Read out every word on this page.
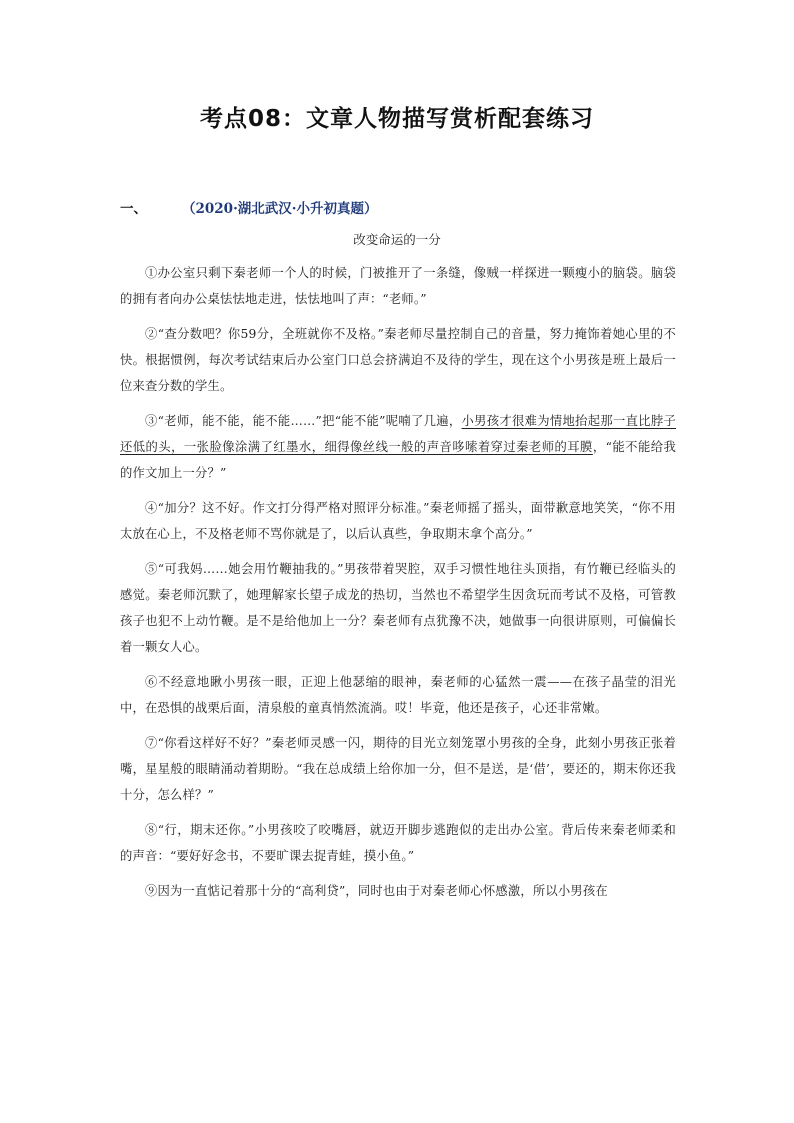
考点08：文章人物描写赏析配套练习
一、	（2020·湖北武汉·小升初真题）
改变命运的一分

①办公室只剩下秦老师一个人的时候，门被推开了一条缝，像贼一样探进一颗瘦小的脑袋。脑袋的拥有者向办公桌怯怯地走进，怯怯地叫了声：“老师。”

②“查分数吧？你59分，全班就你不及格。”秦老师尽量控制自己的音量，努力掩饰着她心里的不快。根据惯例，每次考试结束后办公室门口总会挤满迫不及待的学生，现在这个小男孩是班上最后一位来查分数的学生。

③“老师，能不能，能不能……”把“能不能”呢喃了几遍，小男孩才很难为情地抬起那一直比脖子还低的头，一张脸像涂满了红墨水，细得像丝线一般的声音哆嗦着穿过秦老师的耳膜，“能不能给我的作文加上一分？”

④“加分？这不好。作文打分得严格对照评分标准。”秦老师摇了摇头，面带歉意地笑笑，“你不用太放在心上，不及格老师不骂你就是了，以后认真些，争取期末拿个高分。”

⑤“可我妈……她会用竹鞭抽我的。”男孩带着哭腔，双手习惯性地往头顶指，有竹鞭已经临头的感觉。秦老师沉默了，她理解家长望子成龙的热切，当然也不希望学生因贪玩而考试不及格，可管教孩子也犯不上动竹鞭。是不是给他加上一分？秦老师有点犹豫不决，她做事一向很讲原则，可偏偏长着一颗女人心。

⑥不经意地瞅小男孩一眼，正迎上他瑟缩的眼神，秦老师的心猛然一震——在孩子晶莹的泪光中，在恐惧的战栗后面，清泉般的童真悄然流淌。哎！毕竟，他还是孩子，心还非常嫩。

⑦“你看这样好不好？”秦老师灵感一闪，期待的目光立刻笼罩小男孩的全身，此刻小男孩正张着嘴，星星般的眼睛涌动着期盼。“我在总成绩上给你加一分，但不是送，是‘借’，要还的，期末你还我十分，怎么样？”

⑧“行，期末还你。”小男孩咬了咬嘴唇，就迈开脚步逃跑似的走出办公室。背后传来秦老师柔和的声音：“要好好念书，不要旷课去捉青蛙，摸小鱼。”

⑨因为一直惦记着那十分的“高利贷”，同时也由于对秦老师心怀感激，所以小男孩在
